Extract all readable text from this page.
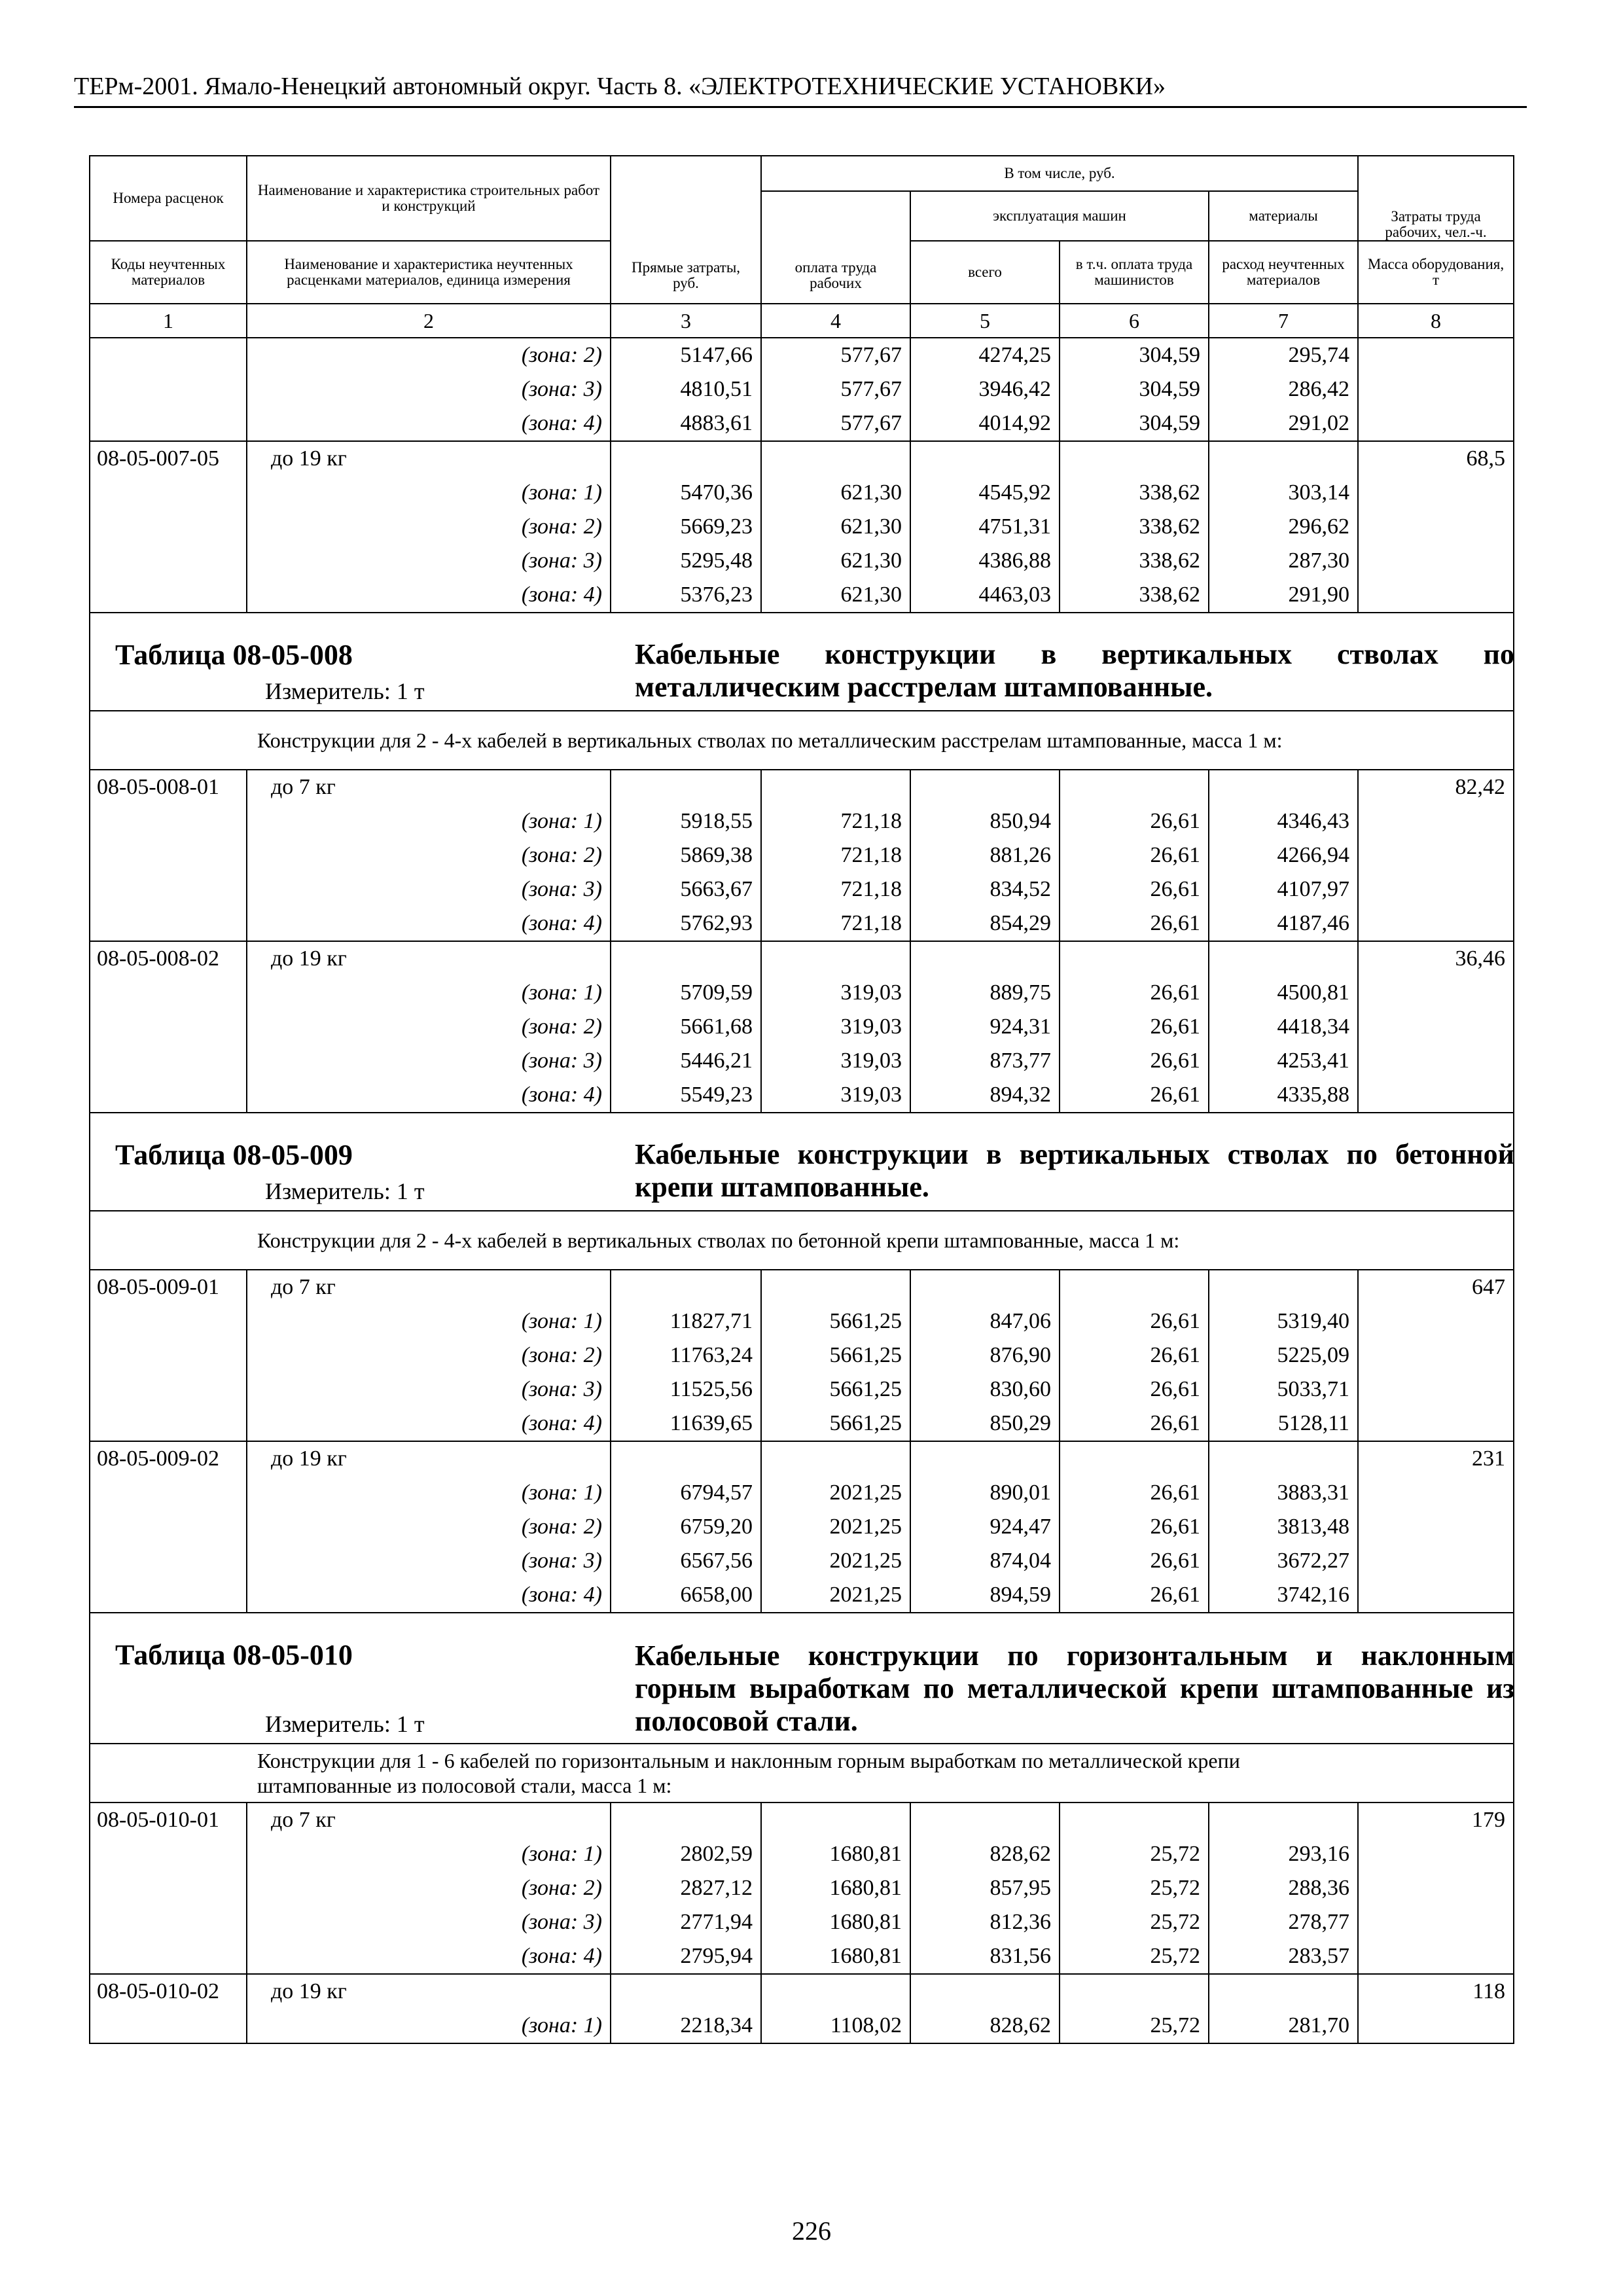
ТЕРм-2001. Ямало-Ненецкий автономный округ. Часть 8. «ЭЛЕКТРОТЕХНИЧЕСКИЕ УСТАНОВКИ»
Номера расценок	Наименование и характеристика строительных работ и конструкций	Прямые затраты, руб.	В том числе, руб.				Затраты труда рабочих, чел.-ч.
			оплата труда рабочих	эксплуатация машин		материалы	
Коды неучтенных материалов	Наименование и характеристика неучтенных расценками материалов, единица измерения			всего	в т.ч. оплата труда машинистов	расход неучтенных материалов	Масса оборудования, т
1	2	3	4	5	6	7	8
	(зона: 2)	5147,66	577,67	4274,25	304,59	295,74	
	(зона: 3)	4810,51	577,67	3946,42	304,59	286,42	
	(зона: 4)	4883,61	577,67	4014,92	304,59	291,02	
08-05-007-05	до 19 кг						68,5
	(зона: 1)	5470,36	621,30	4545,92	338,62	303,14	
	(зона: 2)	5669,23	621,30	4751,31	338,62	296,62	
	(зона: 3)	5295,48	621,30	4386,88	338,62	287,30	
	(зона: 4)	5376,23	621,30	4463,03	338,62	291,90	

Таблица 08-05-008 Кабельные конструкции в вертикальных стволах по металлическим расстрелам штампованные.
Измеритель: 1 т							

Конструкции для 2 - 4-х кабелей в вертикальных стволах по металлическим расстрелам штампованные, масса 1 м:							
08-05-008-01	до 7 кг						82,42
	(зона: 1)	5918,55	721,18	850,94	26,61	4346,43	
	(зона: 2)	5869,38	721,18	881,26	26,61	4266,94	
	(зона: 3)	5663,67	721,18	834,52	26,61	4107,97	
	(зона: 4)	5762,93	721,18	854,29	26,61	4187,46	
08-05-008-02	до 19 кг						36,46
	(зона: 1)	5709,59	319,03	889,75	26,61	4500,81	
	(зона: 2)	5661,68	319,03	924,31	26,61	4418,34	
	(зона: 3)	5446,21	319,03	873,77	26,61	4253,41	
	(зона: 4)	5549,23	319,03	894,32	26,61	4335,88	

Таблица 08-05-009 Кабельные конструкции в вертикальных стволах по бетонной крепи штампованные.
Измеритель: 1 т							

Конструкции для 2 - 4-х кабелей в вертикальных стволах по бетонной крепи штампованные, масса 1 м:							
08-05-009-01	до 7 кг						647
	(зона: 1)	11827,71	5661,25	847,06	26,61	5319,40	
	(зона: 2)	11763,24	5661,25	876,90	26,61	5225,09	
	(зона: 3)	11525,56	5661,25	830,60	26,61	5033,71	
	(зона: 4)	11639,65	5661,25	850,29	26,61	5128,11	
08-05-009-02	до 19 кг						231
	(зона: 1)	6794,57	2021,25	890,01	26,61	3883,31	
	(зона: 2)	6759,20	2021,25	924,47	26,61	3813,48	
	(зона: 3)	6567,56	2021,25	874,04	26,61	3672,27	
	(зона: 4)	6658,00	2021,25	894,59	26,61	3742,16	

Таблица 08-05-010 Кабельные конструкции по горизонтальным и наклонным горным выработкам по металлической крепи штампованные из полосовой стали.
Измеритель: 1 т							

Конструкции для 1 - 6 кабелей по горизонтальным и наклонным горным выработкам по металлической крепи штампованные из полосовой стали, масса 1 м:							
08-05-010-01	до 7 кг						179
	(зона: 1)	2802,59	1680,81	828,62	25,72	293,16	
	(зона: 2)	2827,12	1680,81	857,95	25,72	288,36	
	(зона: 3)	2771,94	1680,81	812,36	25,72	278,77	
	(зона: 4)	2795,94	1680,81	831,56	25,72	283,57	
08-05-010-02	до 19 кг						118
	(зона: 1)	2218,34	1108,02	828,62	25,72	281,70	
226
